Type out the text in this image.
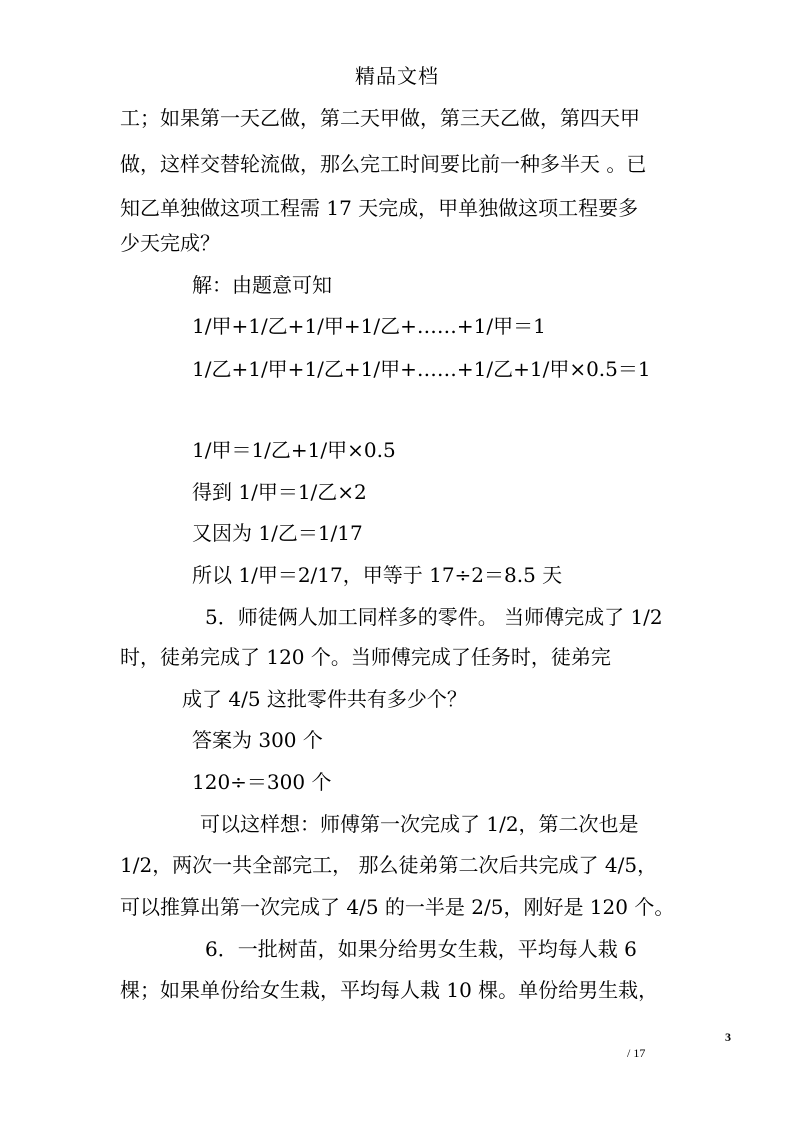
精品文档
工；如果第一天乙做，第二天甲做，第三天乙做，第四天甲
做，这样交替轮流做，那么完工时间要比前一种多半天 。已
知乙单独做这项工程需 17 天完成，甲单独做这项工程要多
少天完成？
解：由题意可知
1/甲+1/乙+1/甲+1/乙+……+1/甲＝1
1/乙+1/甲+1/乙+1/甲+……+1/乙+1/甲×0.5＝1
1/甲＝1/乙+1/甲×0.5
得到 1/甲＝1/乙×2
又因为 1/乙＝1/17
所以 1/甲＝2/17，甲等于 17÷2＝8.5 天
5．师徒俩人加工同样多的零件。 当师傅完成了 1/2
时，徒弟完成了 120 个。当师傅完成了任务时，徒弟完
成了 4/5 这批零件共有多少个？
答案为 300 个
120÷＝300 个
可以这样想：师傅第一次完成了 1/2，第二次也是
1/2，两次一共全部完工， 那么徒弟第二次后共完成了 4/5，
可以推算出第一次完成了 4/5 的一半是 2/5，刚好是 120 个。
6．一批树苗，如果分给男女生栽，平均每人栽 6
棵；如果单份给女生栽，平均每人栽 10 棵。单份给男生栽，
3
/ 17
